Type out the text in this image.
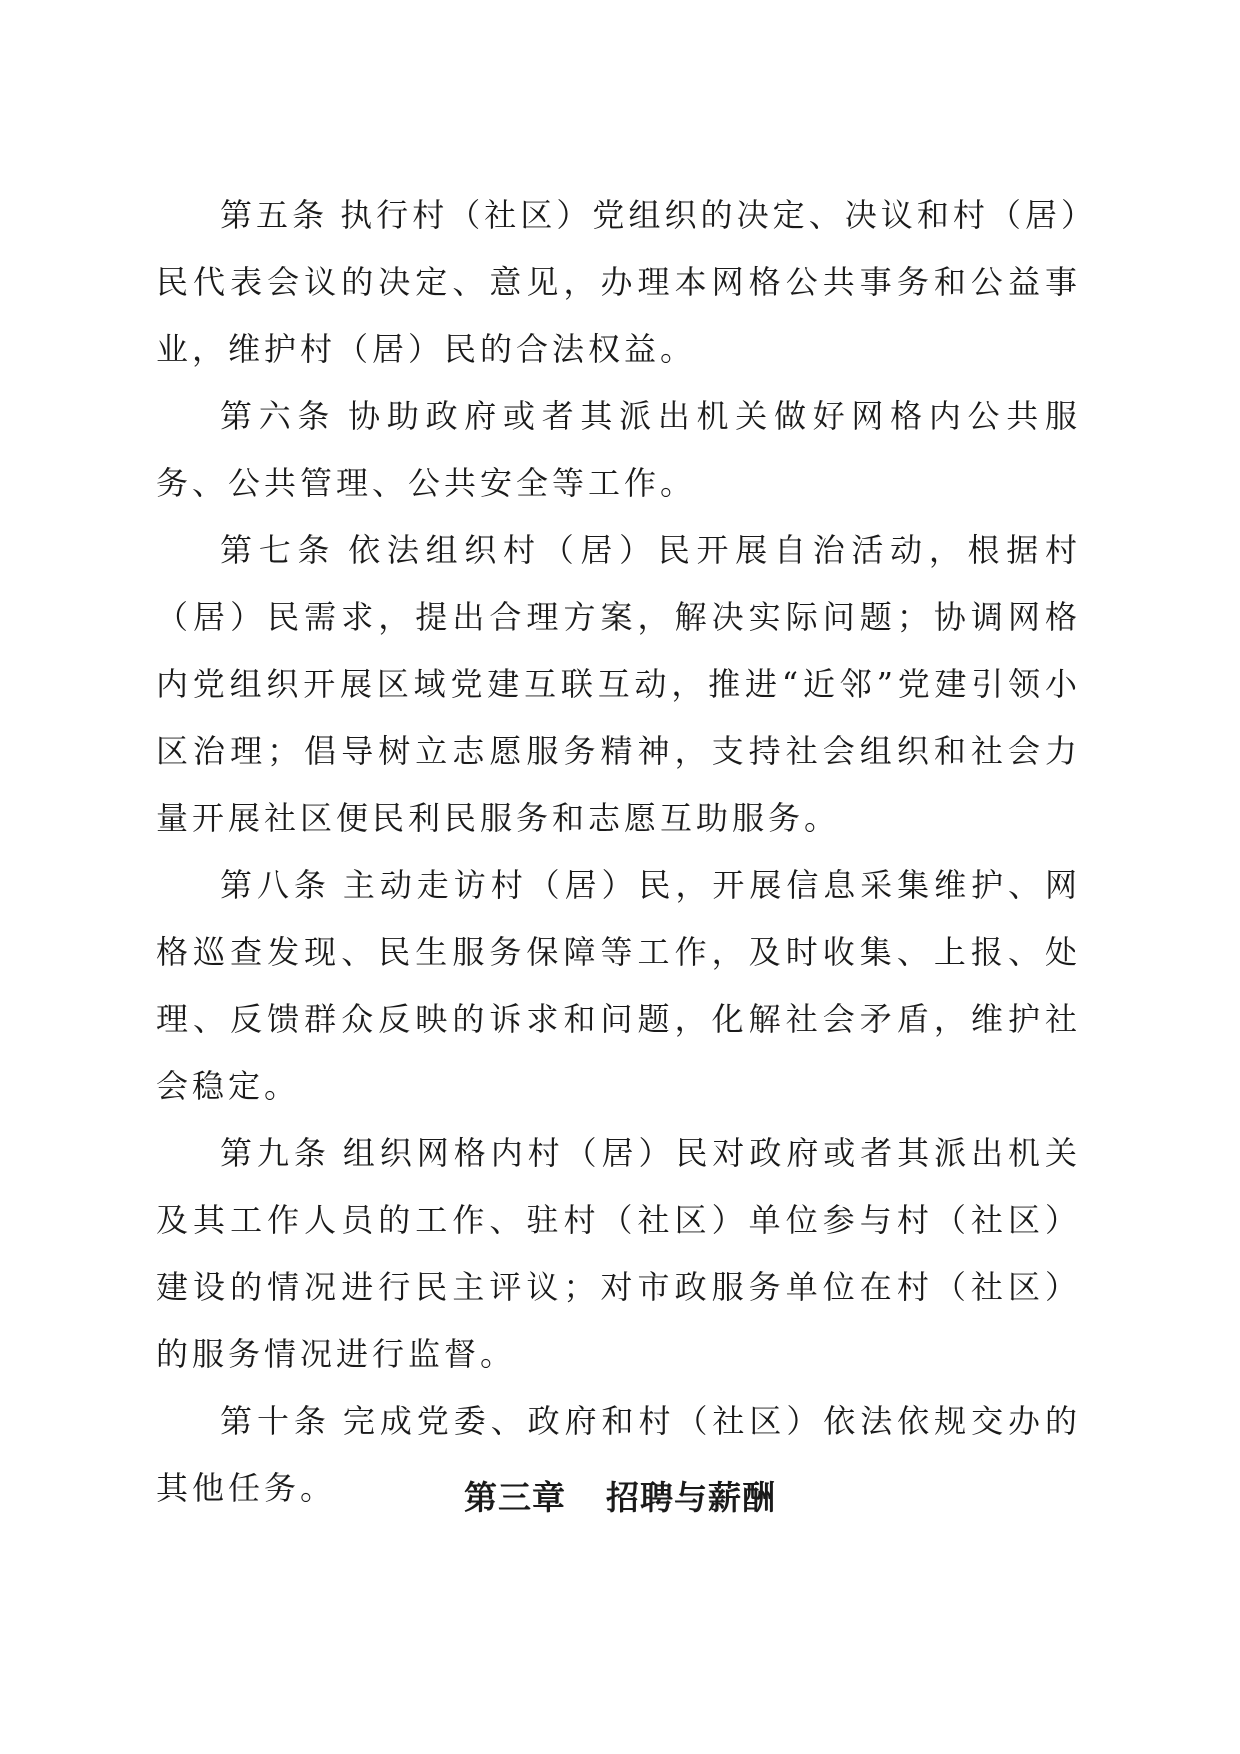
第五条 执行村（社区）党组织的决定、决议和村（居）民代表会议的决定、意见，办理本网格公共事务和公益事业，维护村（居）民的合法权益。

第六条 协助政府或者其派出机关做好网格内公共服务、公共管理、公共安全等工作。

第七条 依法组织村（居）民开展自治活动，根据村（居）民需求，提出合理方案，解决实际问题；协调网格内党组织开展区域党建互联互动，推进“近邻”党建引领小区治理；倡导树立志愿服务精神，支持社会组织和社会力量开展社区便民利民服务和志愿互助服务。

第八条 主动走访村（居）民，开展信息采集维护、网格巡查发现、民生服务保障等工作，及时收集、上报、处理、反馈群众反映的诉求和问题，化解社会矛盾，维护社会稳定。

第九条 组织网格内村（居）民对政府或者其派出机关及其工作人员的工作、驻村（社区）单位参与村（社区）建设的情况进行民主评议；对市政服务单位在村（社区）的服务情况进行监督。

第十条 完成党委、政府和村（社区）依法依规交办的其他任务。	第三章 招聘与薪酬
